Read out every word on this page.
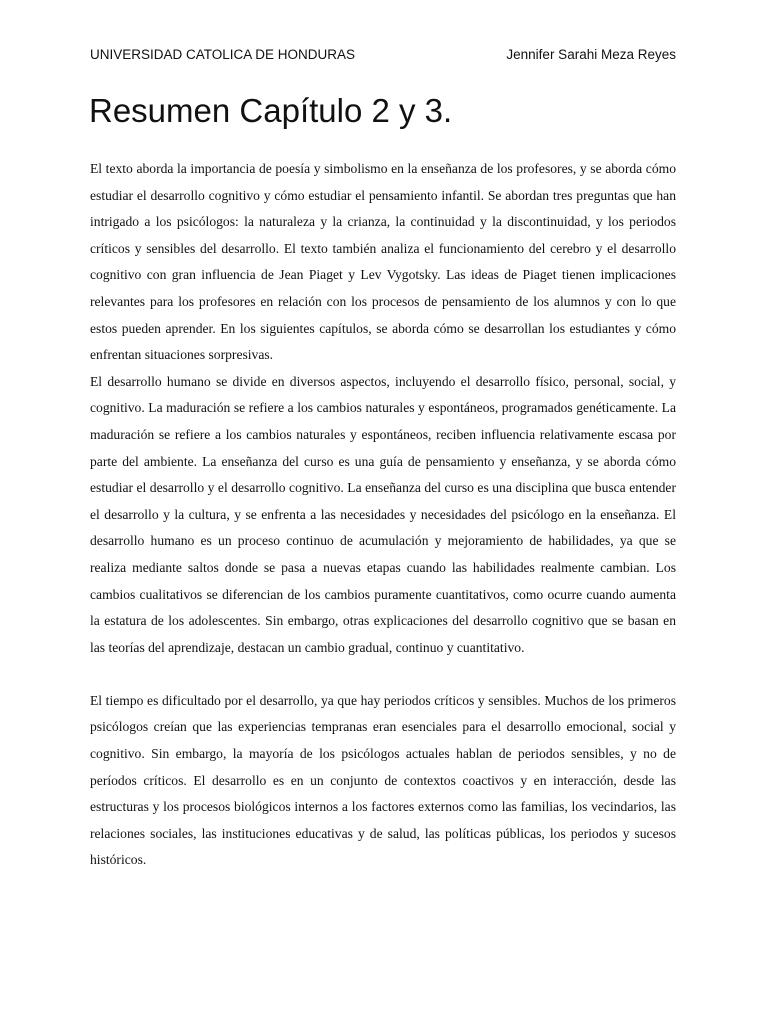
UNIVERSIDAD CATOLICA DE HONDURAS	Jennifer Sarahi Meza Reyes
Resumen Capítulo 2 y 3.

El texto aborda la importancia de poesía y simbolismo en la enseñanza de los profesores, y se aborda cómo estudiar el desarrollo cognitivo y cómo estudiar el pensamiento infantil. Se abordan tres preguntas que han intrigado a los psicólogos: la naturaleza y la crianza, la continuidad y la discontinuidad, y los periodos críticos y sensibles del desarrollo. El texto también analiza el funcionamiento del cerebro y el desarrollo cognitivo con gran influencia de Jean Piaget y Lev Vygotsky. Las ideas de Piaget tienen implicaciones relevantes para los profesores en relación con los procesos de pensamiento de los alumnos y con lo que estos pueden aprender. En los siguientes capítulos, se aborda cómo se desarrollan los estudiantes y cómo enfrentan situaciones sorpresivas.

El desarrollo humano se divide en diversos aspectos, incluyendo el desarrollo físico, personal, social, y cognitivo. La maduración se refiere a los cambios naturales y espontáneos, programados genéticamente. La maduración se refiere a los cambios naturales y espontáneos, reciben influencia relativamente escasa por parte del ambiente. La enseñanza del curso es una guía de pensamiento y enseñanza, y se aborda cómo estudiar el desarrollo y el desarrollo cognitivo. La enseñanza del curso es una disciplina que busca entender el desarrollo y la cultura, y se enfrenta a las necesidades y necesidades del psicólogo en la enseñanza. El desarrollo humano es un proceso continuo de acumulación y mejoramiento de habilidades, ya que se realiza mediante saltos donde se pasa a nuevas etapas cuando las habilidades realmente cambian. Los cambios cualitativos se diferencian de los cambios puramente cuantitativos, como ocurre cuando aumenta la estatura de los adolescentes. Sin embargo, otras explicaciones del desarrollo cognitivo que se basan en las teorías del aprendizaje, destacan un cambio gradual, continuo y cuantitativo.

El tiempo es dificultado por el desarrollo, ya que hay periodos críticos y sensibles. Muchos de los primeros psicólogos creían que las experiencias tempranas eran esenciales para el desarrollo emocional, social y cognitivo. Sin embargo, la mayoría de los psicólogos actuales hablan de periodos sensibles, y no de períodos críticos. El desarrollo es en un conjunto de contextos coactivos y en interacción, desde las estructuras y los procesos biológicos internos a los factores externos como las familias, los vecindarios, las relaciones sociales, las instituciones educativas y de salud, las políticas públicas, los periodos y sucesos históricos.
